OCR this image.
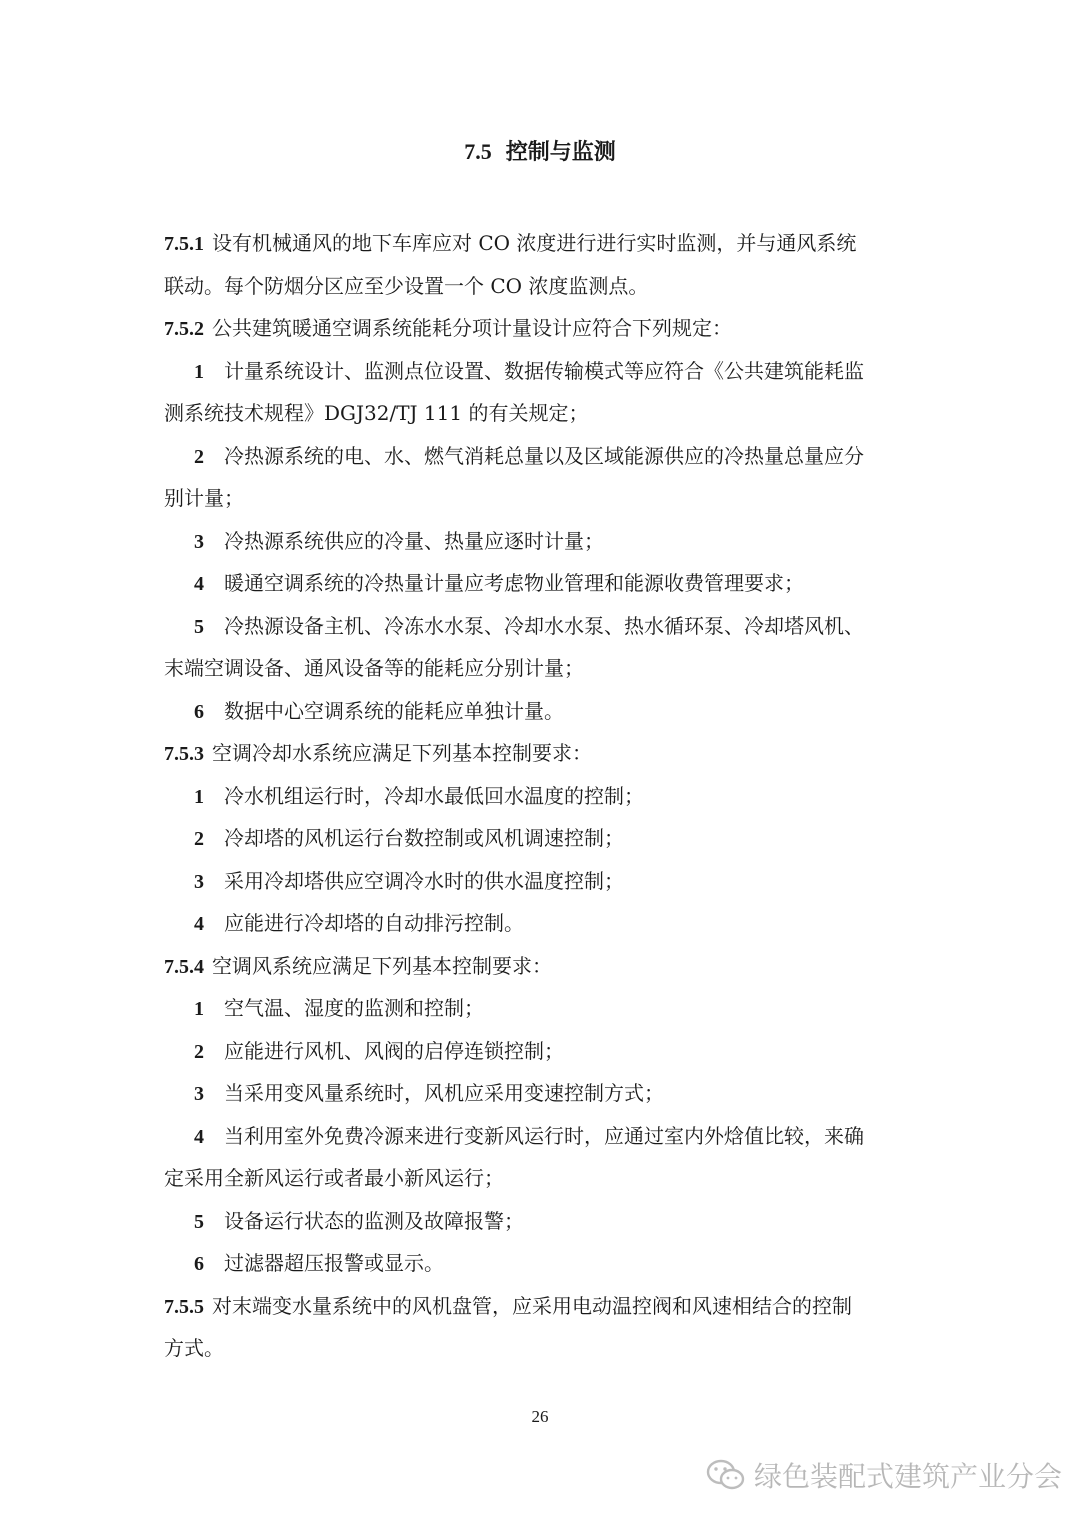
7.5 控制与监测
7.5.1 设有机械通风的地下车库应对 CO 浓度进行进行实时监测，并与通风系统
联动。每个防烟分区应至少设置一个 CO 浓度监测点。
7.5.2 公共建筑暖通空调系统能耗分项计量设计应符合下列规定：
1 计量系统设计、监测点位设置、数据传输模式等应符合《公共建筑能耗监
测系统技术规程》DGJ32/TJ 111 的有关规定；
2 冷热源系统的电、水、燃气消耗总量以及区域能源供应的冷热量总量应分
别计量；
3 冷热源系统供应的冷量、热量应逐时计量；
4 暖通空调系统的冷热量计量应考虑物业管理和能源收费管理要求；
5 冷热源设备主机、冷冻水水泵、冷却水水泵、热水循环泵、冷却塔风机、
末端空调设备、通风设备等的能耗应分别计量；
6 数据中心空调系统的能耗应单独计量。
7.5.3 空调冷却水系统应满足下列基本控制要求：
1 冷水机组运行时，冷却水最低回水温度的控制；
2 冷却塔的风机运行台数控制或风机调速控制；
3 采用冷却塔供应空调冷水时的供水温度控制；
4 应能进行冷却塔的自动排污控制。
7.5.4 空调风系统应满足下列基本控制要求：
1 空气温、湿度的监测和控制；
2 应能进行风机、风阀的启停连锁控制；
3 当采用变风量系统时，风机应采用变速控制方式；
4 当利用室外免费冷源来进行变新风运行时，应通过室内外焓值比较，来确
定采用全新风运行或者最小新风运行；
5 设备运行状态的监测及故障报警；
6 过滤器超压报警或显示。
7.5.5 对末端变水量系统中的风机盘管，应采用电动温控阀和风速相结合的控制
方式。
26
绿色装配式建筑产业分会
